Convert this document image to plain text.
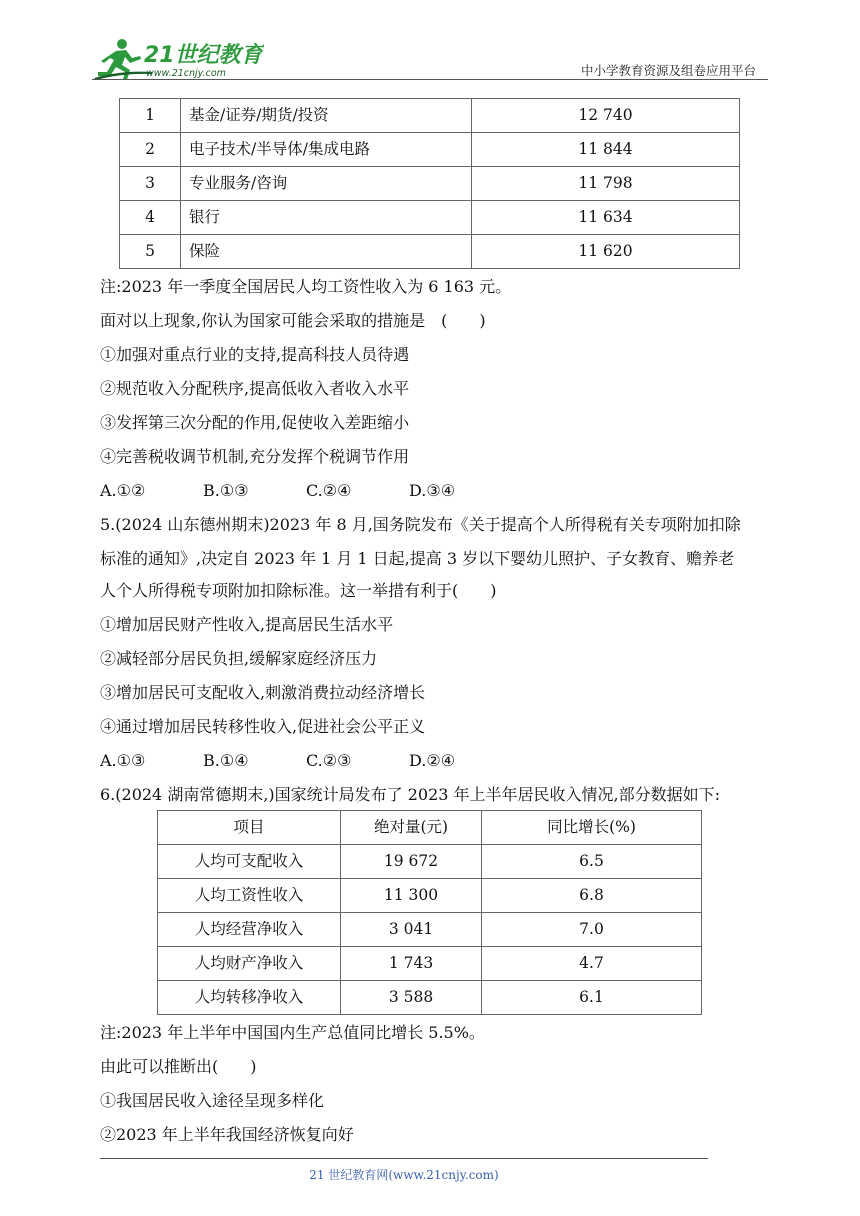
21世纪教育
www.21cnjy.com	中小学教育资源及组卷应用平台
1	基金/证券/期货/投资	12 740
2	电子技术/半导体/集成电路	11 844
3	专业服务/咨询	11 798
4	银行	11 634
5	保险	11 620
注:2023 年一季度全国居民人均工资性收入为 6 163 元。
面对以上现象,你认为国家可能会采取的措施是　(　　)
①加强对重点行业的支持,提高科技人员待遇
②规范收入分配秩序,提高低收入者收入水平
③发挥第三次分配的作用,促使收入差距缩小
④完善税收调节机制,充分发挥个税调节作用
A.①②	B.①③	C.②④	D.③④
5.(2024 山东德州期末)2023 年 8 月,国务院发布《关于提高个人所得税有关专项附加扣除
标准的通知》,决定自 2023 年 1 月 1 日起,提高 3 岁以下婴幼儿照护、子女教育、赡养老
人个人所得税专项附加扣除标准。这一举措有利于(　　)
①增加居民财产性收入,提高居民生活水平
②减轻部分居民负担,缓解家庭经济压力
③增加居民可支配收入,刺激消费拉动经济增长
④通过增加居民转移性收入,促进社会公平正义
A.①③	B.①④	C.②③	D.②④
6.(2024 湖南常德期末,)国家统计局发布了 2023 年上半年居民收入情况,部分数据如下:
项目	绝对量(元)	同比增长(%)
人均可支配收入	19 672	6.5
人均工资性收入	11 300	6.8
人均经营净收入	3 041	7.0
人均财产净收入	1 743	4.7
人均转移净收入	3 588	6.1
注:2023 年上半年中国国内生产总值同比增长 5.5%。
由此可以推断出(　　)
①我国居民收入途径呈现多样化
②2023 年上半年我国经济恢复向好
21 世纪教育网(www.21cnjy.com)
